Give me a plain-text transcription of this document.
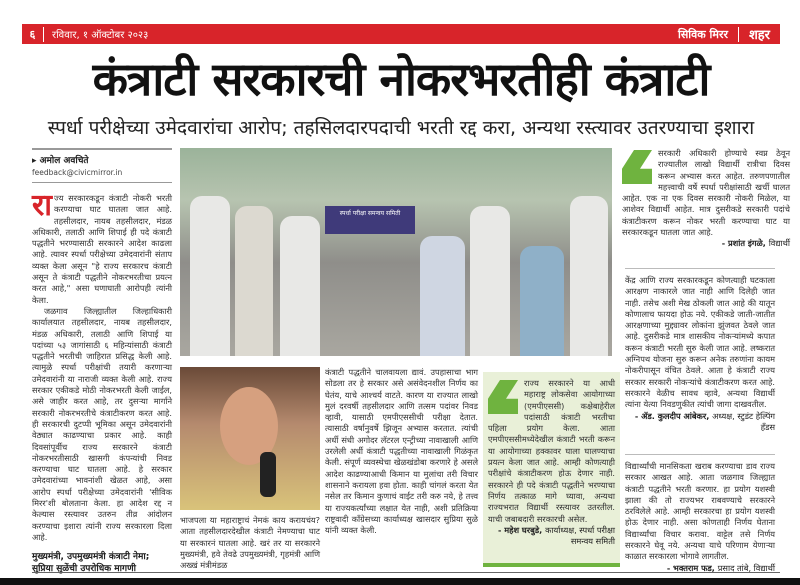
६	रविवार, १ ऑक्टोबर २०२३	सिविक मिरर	शहर
कंत्राटी सरकारची नोकरभरतीही कंत्राटी
स्पर्धा परीक्षेच्या उमेदवारांचा आरोप; तहसिलदारपदाची भरती रद्द करा, अन्यथा रस्त्यावर उतरण्याचा इशारा
▸ अमोल अवचिते
feedback@civicmirror.in
राज्य सरकारकडून कंत्राटी नोकरी भरती करण्याचा घाट घातला जात आहे. तहसीलदार, नायब तहसीलदार, मंडळ अधिकारी, तलाठी आणि शिपाई ही पदे कंत्राटी पद्धतीने भरण्यासाठी सरकारने आदेश काढला आहे. त्यावर स्पर्धा परीक्षेच्या उमेदवारांनी संताप व्यक्त केला असून "हे राज्य सरकारच कंत्राटी असून ते कंत्राटी पद्धतीने नोकरभरतीचा प्रयत्न करत आहे," असा घणाघाती आरोपही त्यांनी केला.
जळगाव जिल्ह्यातील जिल्हाधिकारी कार्यालयात तहसीलदार, नायब तहसीलदार, मंडळ अधिकारी, तलाठी आणि शिपाई या पदांच्या ५३ जागांसाठी ६ महिन्यांसाठी कंत्राटी पद्धतीने भरतीची जाहिरात प्रसिद्ध केली आहे. त्यामुळे स्पर्धा परीक्षांची तयारी करणाऱ्या उमेदवारांनी या नाराजी व्यक्त केली आहे. राज्य सरकार एकीकडे मोठी नोकरभरती केली जाईल, असे जाहीर करत आहे, तर दुसऱ्या मार्गाने सरकारी नोकरभरतीचे कंत्राटीकरण करत आहे. ही सरकारची दुटप्पी भूमिका असून उमेदवारांनी वेठ्यात काढण्याचा प्रकार आहे. काही दिवसांपूर्वीच राज्य सरकारने कंत्राटी नोकरभरतीसाठी खासगी कंपन्यांची निवड करण्याचा घाट घातला आहे. हे सरकार उमेदवारांच्या भावनांशी खेळत आहे, असा आरोप स्पर्धा परीक्षेच्या उमेदवारांनी 'सीविक मिरर'शी बोलताना केला. हा आदेश रद्द न केल्यास रस्त्यावर उतरुन तीव्र आंदोलन करण्याचा इशारा त्यांनी राज्य सरकारला दिला आहे.
मुख्यमंत्री, उपमुख्यमंत्री कंत्राटी नेमा; सुप्रिया सुळेंची उपरोधिक मागणी
स्पर्धा परीक्षा समन्वय समिती
भाजपला या महाराष्ट्राचं नेमकं काय करायचंय? आता तहसीलदारदेखील कंत्राटी नेमण्याचा घाट या सरकारनं घातला आहे. खरं तर या सरकारने मुख्यमंत्री, हवे तेवढे उपमुख्यमंत्री, गृहमंत्री आणि अख्खं मंत्रीमंडळ
कंत्राटी पद्धतीने चालवायला द्यावं. उपहासाचा भाग सोडला तर हे सरकार असे असंवेदनशील निर्णय का घेतंय, याचे आश्चर्य वाटते. कारण या राज्यात लाखो मुलं दरवर्षी तहसीलदार आणि तत्सम पदांवर निवड व्हावी, यासाठी एमपीएससीची परीक्षा देतात. त्यासाठी वर्षानुवर्षे झिजून अभ्यास करतात. त्यांची अर्धी संधी अगोदर लॅटरल एन्ट्रीच्या नावाखाली आणि उरलेली अर्धी कंत्राटी पद्धतीच्या नावाखाली गिळंकृत केली. संपूर्ण व्यवस्थेचा खेळखंडोबा करणारे हे असले आदेश काढण्याआधी किमान या मुलांचा तरी विचार शासनाने करायला हवा होता. काही चांगलं करता येत नसेल तर किमान कुणाचं वाईट तरी करु नये, हे तत्त्व या राज्यकर्त्यांच्या लक्षात येत नाही, अशी प्रतिक्रिया राष्ट्रवादी काँग्रेसच्या कार्याध्यक्ष खासदार सुप्रिया सुळे यांनी व्यक्त केली.
सरकारी अधिकारी होण्याचे स्वप्न ठेवून राज्यातील लाखो विद्यार्थी रात्रीचा दिवस करून अभ्यास करत आहेत. तरुणपणातील महत्त्वाची वर्षे स्पर्धा परीक्षांसाठी खर्ची घालत आहेत. एक ना एक दिवस सरकारी नोकरी मिळेल, या आशेवर विद्यार्थी आहेत. मात्र दुसरीकडे सरकारी पदांचे कंत्राटीकरण करून नोकर भरती करण्याचा घाट या सरकारकडून घातला जात आहे.
- प्रशांत इंगळे, विद्यार्थी
केंद्र आणि राज्य सरकारकडून कोणत्याही घटकाला आरक्षण नाकारले जात नाही आणि दिलेही जात नाही. तसेच अशी मेख ठोकली जात आहे की यातून कोणालाच फायदा होऊ नये. एकीकडे जाती-जातीत आरक्षणाच्या मुद्द्यावर लोकांना झुंजवत ठेवले जात आहे. दुसरीकडे मात्र शासकीय नोकऱ्यांमध्ये कपात करून कंत्राटी भरती सुरु केली जात आहे. लष्करात अग्निपथ योजना सुरु करून अनेक तरुणांना कायम नोकरीपासून वंचित ठेवले. आता हे कंत्राटी राज्य सरकार सरकारी नोकऱ्यांचे कंत्राटीकरण करत आहे. सरकारने वेळीच सावध व्हावे, अन्यथा विद्यार्थी त्यांना येत्या निवडणुकीत त्यांची जागा दाखवतील.
- ॲड. कुलदीप आंबेकर, अध्यक्ष, स्टुडंट हेल्पिंग हँडस
राज्य सरकारने या आधी महाराष्ट्र लोकसेवा आयोगाच्या (एमपीएससी) कक्षेबाहेरील पदांसाठी कंत्राटी भरतीचा पहिला प्रयोग केला. आता एमपीएससीमध्येदेखील कंत्राटी भरती करून या आयोगाच्या हक्कावर घाला घालण्याचा प्रयत्न केला जात आहे. आम्ही कोणत्याही परीक्षांचे कंत्राटीकरण होऊ देणार नाही. सरकारने ही पदे कंत्राटी पद्धतीने भरण्याचा निर्णय तत्काळ मागे घ्यावा, अन्यथा राज्यभरात विद्यार्थी रस्त्यावर उतरतील. याची जबाबदारी सरकारची असेल.
- महेश घरबुडे, कार्याध्यक्ष, स्पर्धा परीक्षा समन्वय समिती
विद्यार्थ्यांची मानसिकता खराब करण्याचा डाव राज्य सरकार आखत आहे. आता जळगाव जिल्ह्यात कंत्राटी पद्धतीने भरती करणार. हा प्रयोग यशस्वी झाला की तो राज्यभर राबवण्याचे सरकारने ठरविलेले आहे. आम्ही सरकारचा हा प्रयोग यशस्वी होऊ देणार नाही. असा कोणताही निर्णय घेताना विद्यार्थ्यांचा विचार करावा. वाट्टेल तसे निर्णय सरकारने घेवू नये. अन्यथा याचे परिणाम येणाऱ्या काळात सरकारला भोगावे लागतील.
- भक्तराम फड, प्रसाद तांबे, विद्यार्थी
